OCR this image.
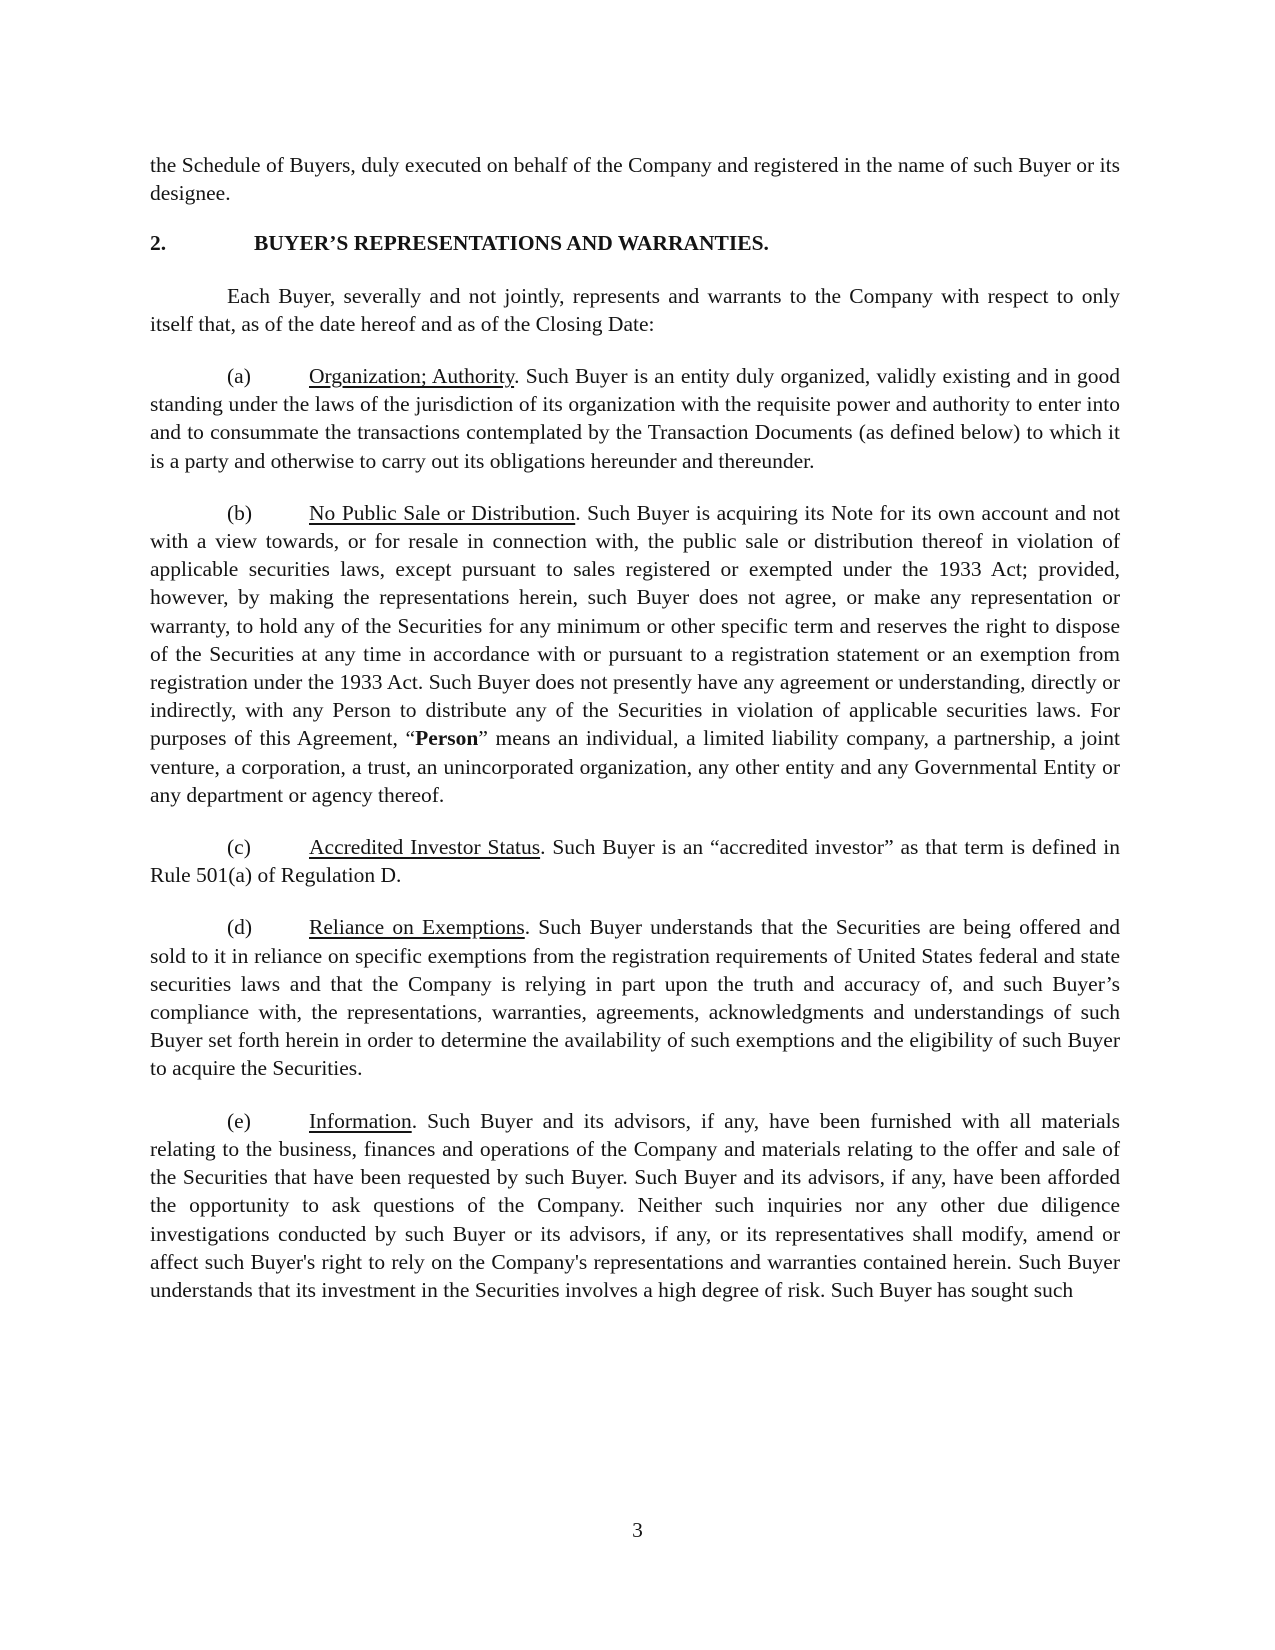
the Schedule of Buyers, duly executed on behalf of the Company and registered in the name of such Buyer or its designee.

2.	BUYER’S REPRESENTATIONS AND WARRANTIES.

Each Buyer, severally and not jointly, represents and warrants to the Company with respect to only itself that, as of the date hereof and as of the Closing Date:

(a)	Organization; Authority. Such Buyer is an entity duly organized, validly existing and in good standing under the laws of the jurisdiction of its organization with the requisite power and authority to enter into and to consummate the transactions contemplated by the Transaction Documents (as defined below) to which it is a party and otherwise to carry out its obligations hereunder and thereunder.

(b)	No Public Sale or Distribution. Such Buyer is acquiring its Note for its own account and not with a view towards, or for resale in connection with, the public sale or distribution thereof in violation of applicable securities laws, except pursuant to sales registered or exempted under the 1933 Act; provided, however, by making the representations herein, such Buyer does not agree, or make any representation or warranty, to hold any of the Securities for any minimum or other specific term and reserves the right to dispose of the Securities at any time in accordance with or pursuant to a registration statement or an exemption from registration under the 1933 Act. Such Buyer does not presently have any agreement or understanding, directly or indirectly, with any Person to distribute any of the Securities in violation of applicable securities laws. For purposes of this Agreement, “Person” means an individual, a limited liability company, a partnership, a joint venture, a corporation, a trust, an unincorporated organization, any other entity and any Governmental Entity or any department or agency thereof.

(c)	Accredited Investor Status. Such Buyer is an “accredited investor” as that term is defined in Rule 501(a) of Regulation D.

(d)	Reliance on Exemptions. Such Buyer understands that the Securities are being offered and sold to it in reliance on specific exemptions from the registration requirements of United States federal and state securities laws and that the Company is relying in part upon the truth and accuracy of, and such Buyer’s compliance with, the representations, warranties, agreements, acknowledgments and understandings of such Buyer set forth herein in order to determine the availability of such exemptions and the eligibility of such Buyer to acquire the Securities.

(e)	Information. Such Buyer and its advisors, if any, have been furnished with all materials relating to the business, finances and operations of the Company and materials relating to the offer and sale of the Securities that have been requested by such Buyer. Such Buyer and its advisors, if any, have been afforded the opportunity to ask questions of the Company. Neither such inquiries nor any other due diligence investigations conducted by such Buyer or its advisors, if any, or its representatives shall modify, amend or affect such Buyer's right to rely on the Company's representations and warranties contained herein. Such Buyer understands that its investment in the Securities involves a high degree of risk. Such Buyer has sought such

3
